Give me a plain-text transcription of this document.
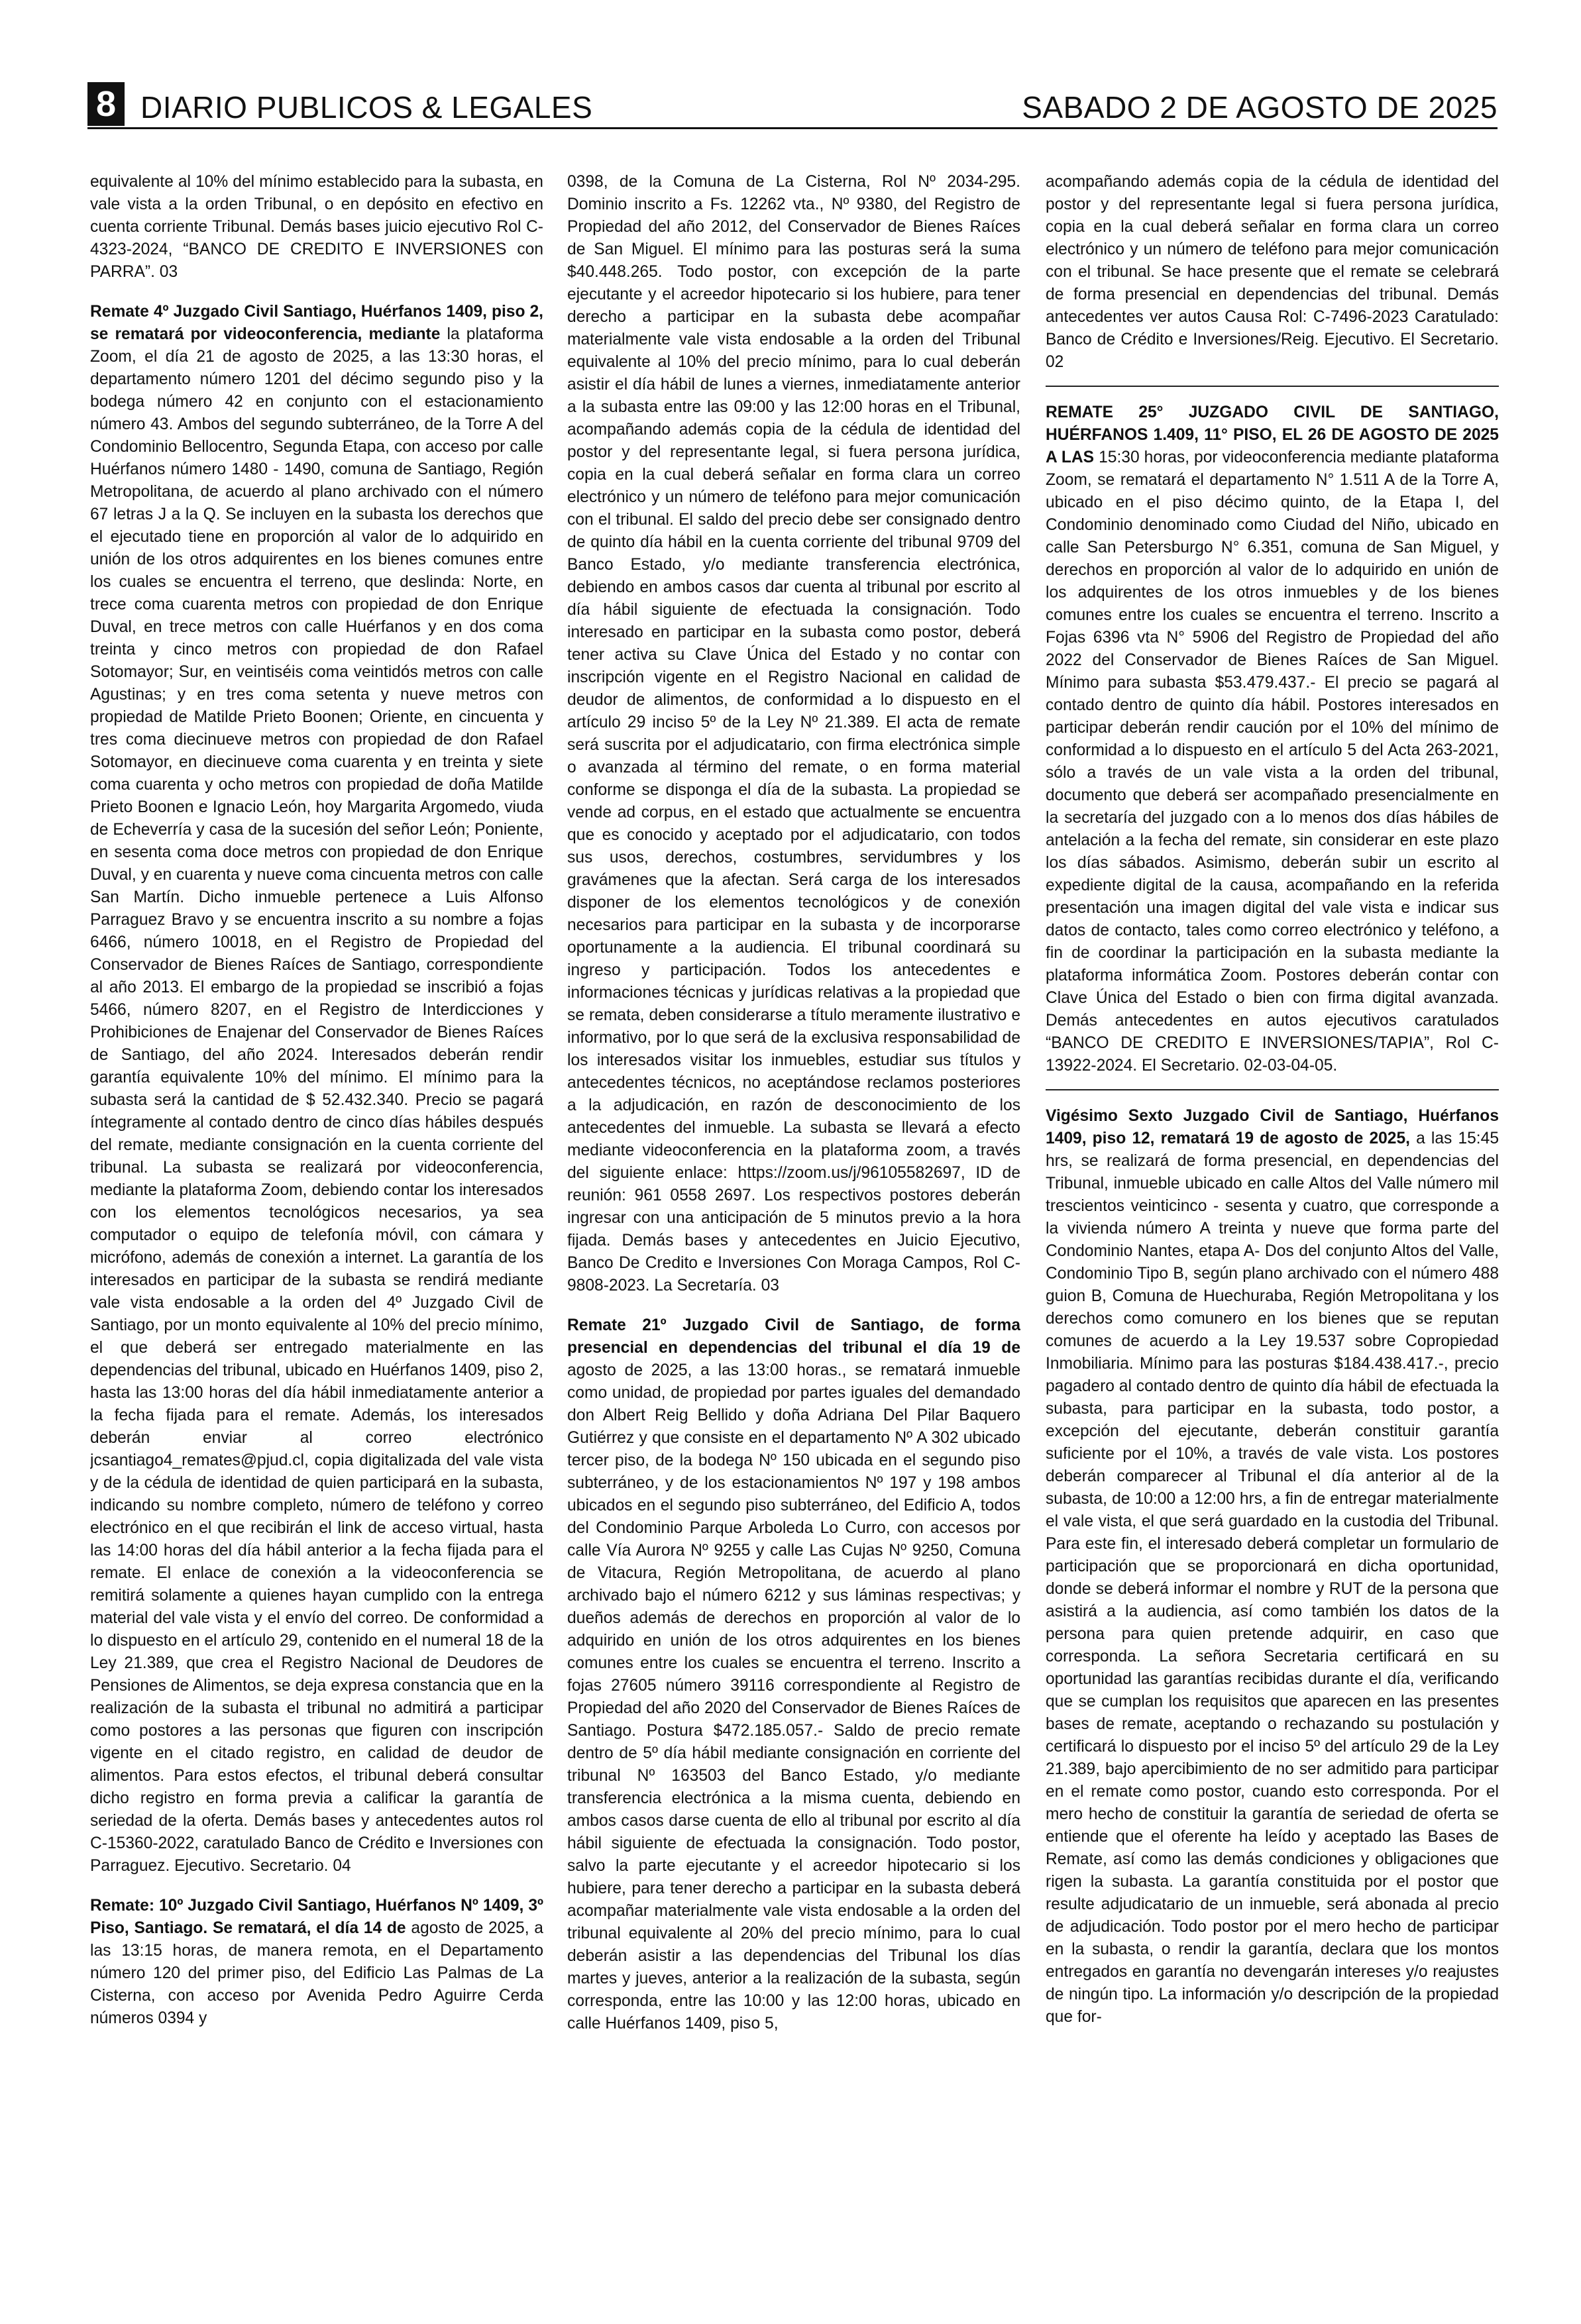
8 DIARIO PUBLICOS & LEGALES	SABADO 2 DE AGOSTO DE 2025

equivalente al 10% del mínimo establecido para la subasta, en vale vista a la orden Tribunal, o en depósito en efectivo en cuenta corriente Tribunal. Demás bases juicio ejecutivo Rol C-4323-2024, “BANCO DE CREDITO E INVERSIONES con PARRA”. 03

Remate 4º Juzgado Civil Santiago, Huérfanos 1409, piso 2, se rematará por videoconferencia, mediante la plataforma Zoom, el día 21 de agosto de 2025, a las 13:30 horas, el departamento número 1201 del décimo segundo piso y la bodega número 42 en conjunto con el estacionamiento número 43. Ambos del segundo subterráneo, de la Torre A del Condominio Bellocentro, Segunda Etapa, con acceso por calle Huérfanos número 1480 - 1490, comuna de Santiago, Región Metropolitana, de acuerdo al plano archivado con el número 67 letras J a la Q. Se incluyen en la subasta los derechos que el ejecutado tiene en proporción al valor de lo adquirido en unión de los otros adquirentes en los bienes comunes entre los cuales se encuentra el terreno, que deslinda: Norte, en trece coma cuarenta metros con propiedad de don Enrique Duval, en trece metros con calle Huérfanos y en dos coma treinta y cinco metros con propiedad de don Rafael Sotomayor; Sur, en veintiséis coma veintidós metros con calle Agustinas; y en tres coma setenta y nueve metros con propiedad de Matilde Prieto Boonen; Oriente, en cincuenta y tres coma diecinueve metros con propiedad de don Rafael Sotomayor, en diecinueve coma cuarenta y en treinta y siete coma cuarenta y ocho metros con propiedad de doña Matilde Prieto Boonen e Ignacio León, hoy Margarita Argomedo, viuda de Echeverría y casa de la sucesión del señor León; Poniente, en sesenta coma doce metros con propiedad de don Enrique Duval, y en cuarenta y nueve coma cincuenta metros con calle San Martín. Dicho inmueble pertenece a Luis Alfonso Parraguez Bravo y se encuentra inscrito a su nombre a fojas 6466, número 10018, en el Registro de Propiedad del Conservador de Bienes Raíces de Santiago, correspondiente al año 2013. El embargo de la propiedad se inscribió a fojas 5466, número 8207, en el Registro de Interdicciones y Prohibiciones de Enajenar del Conservador de Bienes Raíces de Santiago, del año 2024. Interesados deberán rendir garantía equivalente 10% del mínimo. El mínimo para la subasta será la cantidad de $ 52.432.340. Precio se pagará íntegramente al contado dentro de cinco días hábiles después del remate, mediante consignación en la cuenta corriente del tribunal. La subasta se realizará por videoconferencia, mediante la plataforma Zoom, debiendo contar los interesados con los elementos tecnológicos necesarios, ya sea computador o equipo de telefonía móvil, con cámara y micrófono, además de conexión a internet. La garantía de los interesados en participar de la subasta se rendirá mediante vale vista endosable a la orden del 4º Juzgado Civil de Santiago, por un monto equivalente al 10% del precio mínimo, el que deberá ser entregado materialmente en las dependencias del tribunal, ubicado en Huérfanos 1409, piso 2, hasta las 13:00 horas del día hábil inmediatamente anterior a la fecha fijada para el remate. Además, los interesados deberán enviar al correo electrónico jcsantiago4_remates@pjud.cl, copia digitalizada del vale vista y de la cédula de identidad de quien participará en la subasta, indicando su nombre completo, número de teléfono y correo electrónico en el que recibirán el link de acceso virtual, hasta las 14:00 horas del día hábil anterior a la fecha fijada para el remate. El enlace de conexión a la videoconferencia se remitirá solamente a quienes hayan cumplido con la entrega material del vale vista y el envío del correo. De conformidad a lo dispuesto en el artículo 29, contenido en el numeral 18 de la Ley 21.389, que crea el Registro Nacional de Deudores de Pensiones de Alimentos, se deja expresa constancia que en la realización de la subasta el tribunal no admitirá a participar como postores a las personas que figuren con inscripción vigente en el citado registro, en calidad de deudor de alimentos. Para estos efectos, el tribunal deberá consultar dicho registro en forma previa a calificar la garantía de seriedad de la oferta. Demás bases y antecedentes autos rol C-15360-2022, caratulado Banco de Crédito e Inversiones con Parraguez. Ejecutivo. Secretario. 04

Remate: 10º Juzgado Civil Santiago, Huérfanos Nº 1409, 3º Piso, Santiago. Se rematará, el día 14 de agosto de 2025, a las 13:15 horas, de manera remota, en el Departamento número 120 del primer piso, del Edificio Las Palmas de La Cisterna, con acceso por Avenida Pedro Aguirre Cerda números 0394 y

0398, de la Comuna de La Cisterna, Rol Nº 2034-295. Dominio inscrito a Fs. 12262 vta., Nº 9380, del Registro de Propiedad del año 2012, del Conservador de Bienes Raíces de San Miguel. El mínimo para las posturas será la suma $40.448.265. Todo postor, con excepción de la parte ejecutante y el acreedor hipotecario si los hubiere, para tener derecho a participar en la subasta debe acompañar materialmente vale vista endosable a la orden del Tribunal equivalente al 10% del precio mínimo, para lo cual deberán asistir el día hábil de lunes a viernes, inmediatamente anterior a la subasta entre las 09:00 y las 12:00 horas en el Tribunal, acompañando además copia de la cédula de identidad del postor y del representante legal, si fuera persona jurídica, copia en la cual deberá señalar en forma clara un correo electrónico y un número de teléfono para mejor comunicación con el tribunal. El saldo del precio debe ser consignado dentro de quinto día hábil en la cuenta corriente del tribunal 9709 del Banco Estado, y/o mediante transferencia electrónica, debiendo en ambos casos dar cuenta al tribunal por escrito al día hábil siguiente de efectuada la consignación. Todo interesado en participar en la subasta como postor, deberá tener activa su Clave Única del Estado y no contar con inscripción vigente en el Registro Nacional en calidad de deudor de alimentos, de conformidad a lo dispuesto en el artículo 29 inciso 5º de la Ley Nº 21.389. El acta de remate será suscrita por el adjudicatario, con firma electrónica simple o avanzada al término del remate, o en forma material conforme se disponga el día de la subasta. La propiedad se vende ad corpus, en el estado que actualmente se encuentra que es conocido y aceptado por el adjudicatario, con todos sus usos, derechos, costumbres, servidumbres y los gravámenes que la afectan. Será carga de los interesados disponer de los elementos tecnológicos y de conexión necesarios para participar en la subasta y de incorporarse oportunamente a la audiencia. El tribunal coordinará su ingreso y participación. Todos los antecedentes e informaciones técnicas y jurídicas relativas a la propiedad que se remata, deben considerarse a título meramente ilustrativo e informativo, por lo que será de la exclusiva responsabilidad de los interesados visitar los inmuebles, estudiar sus títulos y antecedentes técnicos, no aceptándose reclamos posteriores a la adjudicación, en razón de desconocimiento de los antecedentes del inmueble. La subasta se llevará a efecto mediante videoconferencia en la plataforma zoom, a través del siguiente enlace: https://zoom.us/j/96105582697, ID de reunión: 961 0558 2697. Los respectivos postores deberán ingresar con una anticipación de 5 minutos previo a la hora fijada. Demás bases y antecedentes en Juicio Ejecutivo, Banco De Credito e Inversiones Con Moraga Campos, Rol C-9808-2023. La Secretaría. 03

Remate 21º Juzgado Civil de Santiago, de forma presencial en dependencias del tribunal el día 19 de agosto de 2025, a las 13:00 horas., se rematará inmueble como unidad, de propiedad por partes iguales del demandado don Albert Reig Bellido y doña Adriana Del Pilar Baquero Gutiérrez y que consiste en el departamento Nº A 302 ubicado tercer piso, de la bodega Nº 150 ubicada en el segundo piso subterráneo, y de los estacionamientos Nº 197 y 198 ambos ubicados en el segundo piso subterráneo, del Edificio A, todos del Condominio Parque Arboleda Lo Curro, con accesos por calle Vía Aurora Nº 9255 y calle Las Cujas Nº 9250, Comuna de Vitacura, Región Metropolitana, de acuerdo al plano archivado bajo el número 6212 y sus láminas respectivas; y dueños además de derechos en proporción al valor de lo adquirido en unión de los otros adquirentes en los bienes comunes entre los cuales se encuentra el terreno. Inscrito a fojas 27605 número 39116 correspondiente al Registro de Propiedad del año 2020 del Conservador de Bienes Raíces de Santiago. Postura $472.185.057.- Saldo de precio remate dentro de 5º día hábil mediante consignación en corriente del tribunal Nº 163503 del Banco Estado, y/o mediante transferencia electrónica a la misma cuenta, debiendo en ambos casos darse cuenta de ello al tribunal por escrito al día hábil siguiente de efectuada la consignación. Todo postor, salvo la parte ejecutante y el acreedor hipotecario si los hubiere, para tener derecho a participar en la subasta deberá acompañar materialmente vale vista endosable a la orden del tribunal equivalente al 20% del precio mínimo, para lo cual deberán asistir a las dependencias del Tribunal los días martes y jueves, anterior a la realización de la subasta, según corresponda, entre las 10:00 y las 12:00 horas, ubicado en calle Huérfanos 1409, piso 5,

acompañando además copia de la cédula de identidad del postor y del representante legal si fuera persona jurídica, copia en la cual deberá señalar en forma clara un correo electrónico y un número de teléfono para mejor comunicación con el tribunal. Se hace presente que el remate se celebrará de forma presencial en dependencias del tribunal. Demás antecedentes ver autos Causa Rol: C-7496-2023 Caratulado: Banco de Crédito e Inversiones/Reig. Ejecutivo. El Secretario. 02

REMATE 25° JUZGADO CIVIL DE SANTIAGO, HUÉRFANOS 1.409, 11° PISO, EL 26 DE AGOSTO DE 2025 A LAS 15:30 horas, por videoconferencia mediante plataforma Zoom, se rematará el departamento N° 1.511 A de la Torre A, ubicado en el piso décimo quinto, de la Etapa I, del Condominio denominado como Ciudad del Niño, ubicado en calle San Petersburgo N° 6.351, comuna de San Miguel, y derechos en proporción al valor de lo adquirido en unión de los adquirentes de los otros inmuebles y de los bienes comunes entre los cuales se encuentra el terreno. Inscrito a Fojas 6396 vta N° 5906 del Registro de Propiedad del año 2022 del Conservador de Bienes Raíces de San Miguel. Mínimo para subasta $53.479.437.- El precio se pagará al contado dentro de quinto día hábil. Postores interesados en participar deberán rendir caución por el 10% del mínimo de conformidad a lo dispuesto en el artículo 5 del Acta 263-2021, sólo a través de un vale vista a la orden del tribunal, documento que deberá ser acompañado presencialmente en la secretaría del juzgado con a lo menos dos días hábiles de antelación a la fecha del remate, sin considerar en este plazo los días sábados. Asimismo, deberán subir un escrito al expediente digital de la causa, acompañando en la referida presentación una imagen digital del vale vista e indicar sus datos de contacto, tales como correo electrónico y teléfono, a fin de coordinar la participación en la subasta mediante la plataforma informática Zoom. Postores deberán contar con Clave Única del Estado o bien con firma digital avanzada. Demás antecedentes en autos ejecutivos caratulados “BANCO DE CREDITO E INVERSIONES/TAPIA”, Rol C-13922-2024. El Secretario. 02-03-04-05.

Vigésimo Sexto Juzgado Civil de Santiago, Huérfanos 1409, piso 12, rematará 19 de agosto de 2025, a las 15:45 hrs, se realizará de forma presencial, en dependencias del Tribunal, inmueble ubicado en calle Altos del Valle número mil trescientos veinticinco - sesenta y cuatro, que corresponde a la vivienda número A treinta y nueve que forma parte del Condominio Nantes, etapa A- Dos del conjunto Altos del Valle, Condominio Tipo B, según plano archivado con el número 488 guion B, Comuna de Huechuraba, Región Metropolitana y los derechos como comunero en los bienes que se reputan comunes de acuerdo a la Ley 19.537 sobre Copropiedad Inmobiliaria. Mínimo para las posturas $184.438.417.-, precio pagadero al contado dentro de quinto día hábil de efectuada la subasta, para participar en la subasta, todo postor, a excepción del ejecutante, deberán constituir garantía suficiente por el 10%, a través de vale vista. Los postores deberán comparecer al Tribunal el día anterior al de la subasta, de 10:00 a 12:00 hrs, a fin de entregar materialmente el vale vista, el que será guardado en la custodia del Tribunal. Para este fin, el interesado deberá completar un formulario de participación que se proporcionará en dicha oportunidad, donde se deberá informar el nombre y RUT de la persona que asistirá a la audiencia, así como también los datos de la persona para quien pretende adquirir, en caso que corresponda. La señora Secretaria certificará en su oportunidad las garantías recibidas durante el día, verificando que se cumplan los requisitos que aparecen en las presentes bases de remate, aceptando o rechazando su postulación y certificará lo dispuesto por el inciso 5º del artículo 29 de la Ley 21.389, bajo apercibimiento de no ser admitido para participar en el remate como postor, cuando esto corresponda. Por el mero hecho de constituir la garantía de seriedad de oferta se entiende que el oferente ha leído y aceptado las Bases de Remate, así como las demás condiciones y obligaciones que rigen la subasta. La garantía constituida por el postor que resulte adjudicatario de un inmueble, será abonada al precio de adjudicación. Todo postor por el mero hecho de participar en la subasta, o rendir la garantía, declara que los montos entregados en garantía no devengarán intereses y/o reajustes de ningún tipo. La información y/o descripción de la propiedad que for-
